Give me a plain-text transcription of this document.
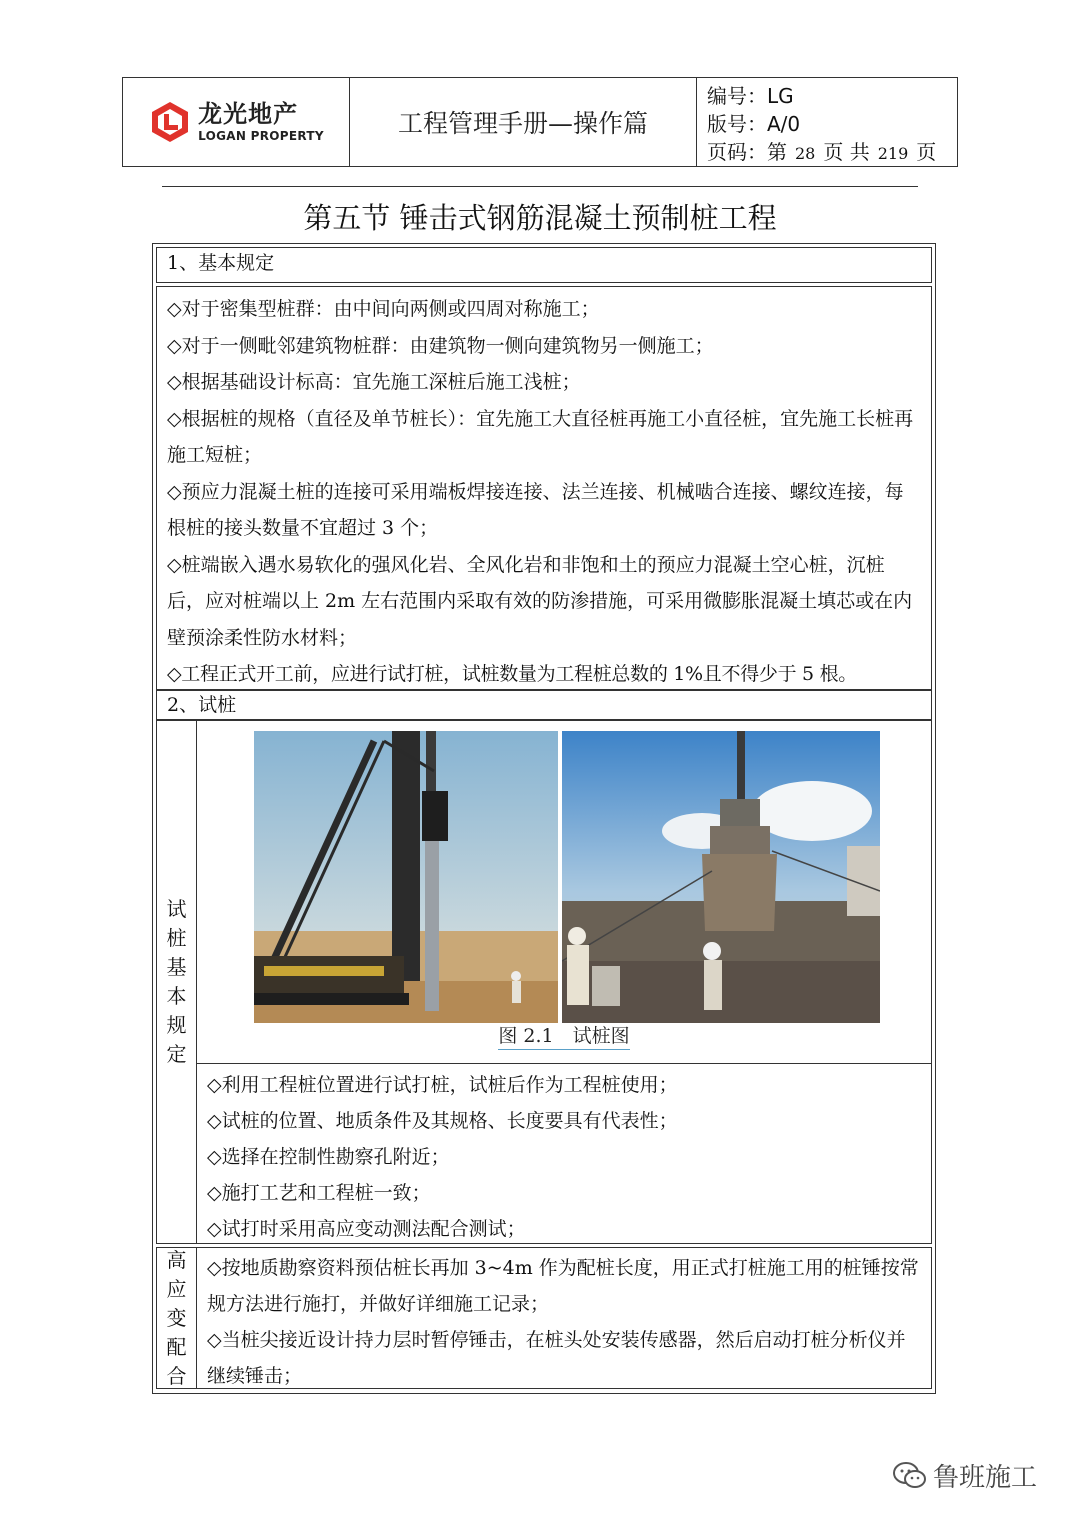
龙光地产
LOGAN PROPERTY	工程管理手册—操作篇
编号：LG
版号：A/0
页码：第 28 页 共 219 页
第五节 锤击式钢筋混凝土预制桩工程
1、基本规定

◇对于密集型桩群：由中间向两侧或四周对称施工；

◇对于一侧毗邻建筑物桩群：由建筑物一侧向建筑物另一侧施工；

◇根据基础设计标高：宜先施工深桩后施工浅桩；

◇根据桩的规格（直径及单节桩长）：宜先施工大直径桩再施工小直径桩，宜先施工长桩再施工短桩；

◇预应力混凝土桩的连接可采用端板焊接连接、法兰连接、机械啮合连接、螺纹连接，每根桩的接头数量不宜超过 3 个；

◇桩端嵌入遇水易软化的强风化岩、全风化岩和非饱和土的预应力混凝土空心桩，沉桩后，应对桩端以上 2m 左右范围内采取有效的防渗措施，可采用微膨胀混凝土填芯或在内壁预涂柔性防水材料；

◇工程正式开工前，应进行试打桩，试桩数量为工程桩总数的 1%且不得少于 5 根。

2、试桩
试桩基本规定
图 2.1　试桩图

◇利用工程桩位置进行试打桩，试桩后作为工程桩使用；

◇试桩的位置、地质条件及其规格、长度要具有代表性；

◇选择在控制性勘察孔附近；

◇施打工艺和工程桩一致；

◇试打时采用高应变动测法配合测试；

高应变配合

◇按地质勘察资料预估桩长再加 3~4m 作为配桩长度，用正式打桩施工用的桩锤按常规方法进行施打，并做好详细施工记录；

◇当桩尖接近设计持力层时暂停锤击，在桩头处安装传感器，然后启动打桩分析仪并继续锤击；

鲁班施工
